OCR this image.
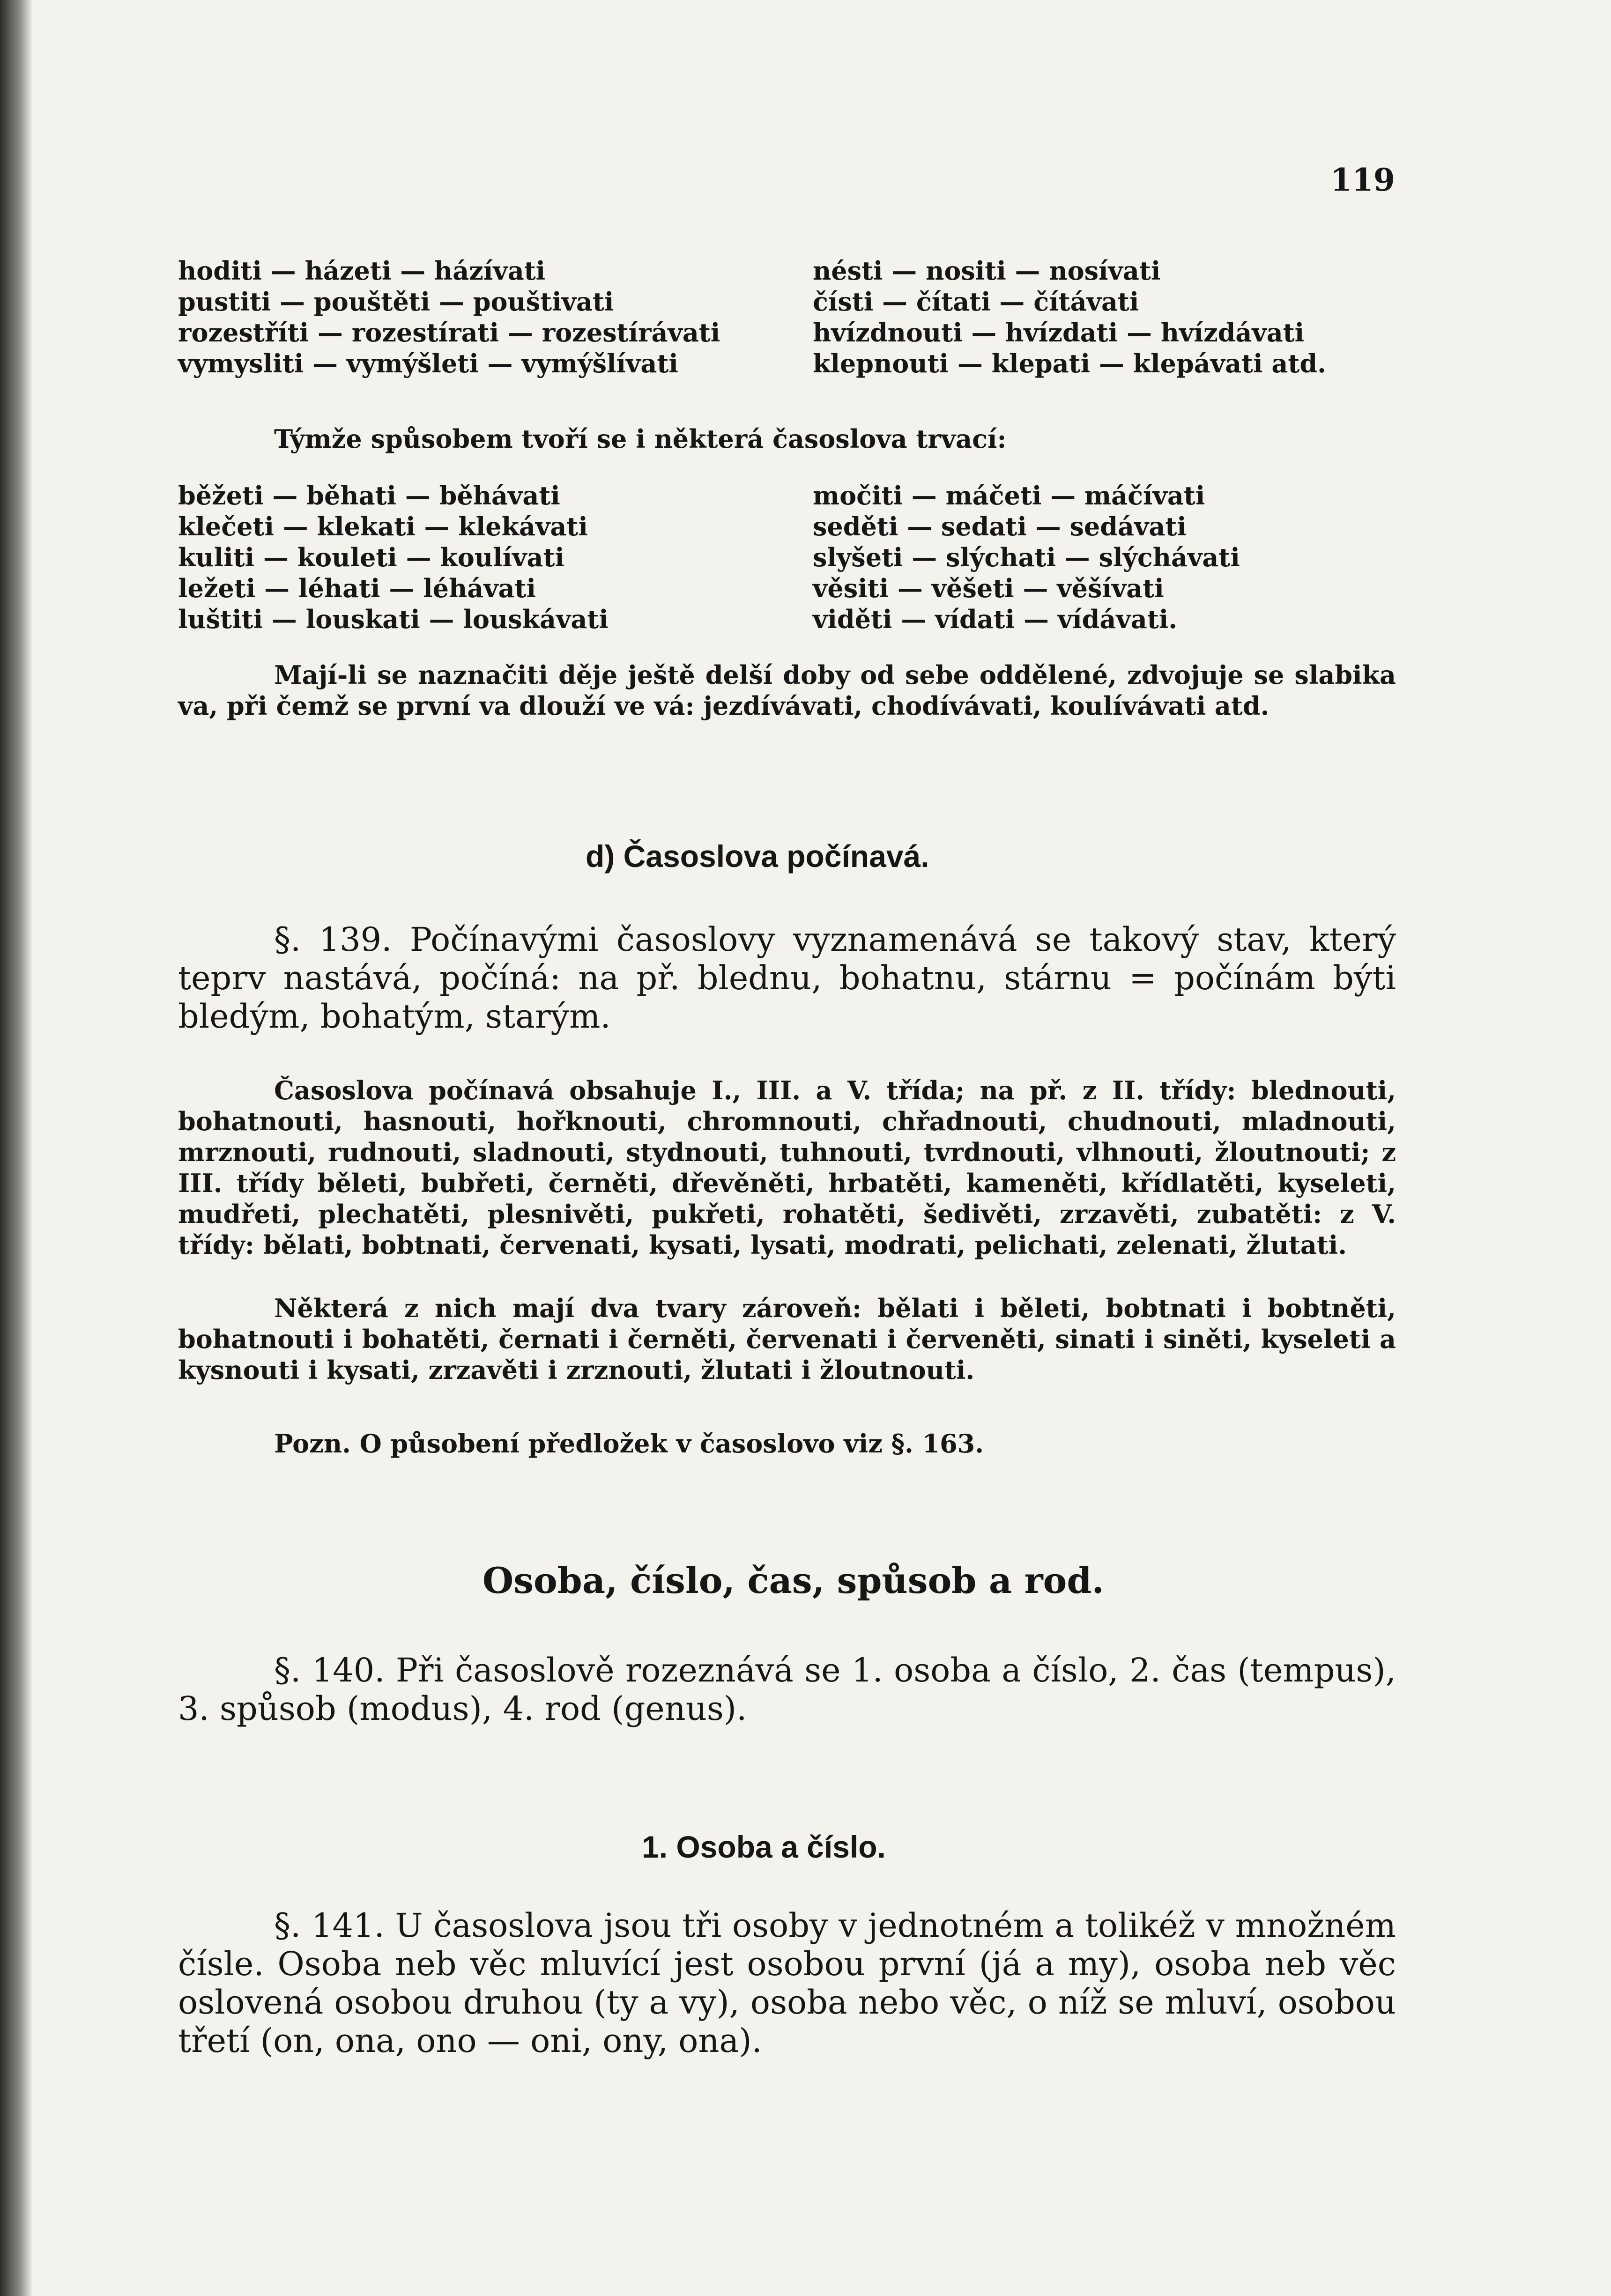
119
hoditi — házeti — házívati
pustiti — pouštěti — pouštivati
rozestříti — rozestírati — rozestírávati
vymysliti — vymýšleti — vymýšlívati
nésti — nositi — nosívati
čísti — čítati — čítávati
hvízdnouti — hvízdati — hvízdávati
klepnouti — klepati — klepávati atd.
Týmže spůsobem tvoří se i některá časoslova trvací:
běžeti — běhati — běhávati
klečeti — klekati — klekávati
kuliti — kouleti — koulívati
ležeti — léhati — léhávati
luštiti — louskati — louskávati
močiti — máčeti — máčívati
seděti — sedati — sedávati
slyšeti — slýchati — slýchávati
věsiti — věšeti — věšívati
viděti — vídati — vídávati.
Mají-li se naznačiti děje ještě delší doby od sebe oddělené, zdvojuje se slabika va, při čemž se první va dlouží ve vá: jezdívávati, chodívávati, koulívávati atd.
d) Časoslova počínavá.
§. 139. Počínavými časoslovy vyznamenává se takový stav, který teprv nastává, počíná: na př. blednu, bohatnu, stárnu = počínám býti bledým, bohatým, starým.
Časoslova počínavá obsahuje I., III. a V. třída; na př. z II. třídy: blednouti, bohatnouti, hasnouti, hořknouti, chromnouti, chřadnouti, chudnouti, mladnouti, mrznouti, rudnouti, sladnouti, stydnouti, tuhnouti, tvrdnouti, vlhnouti, žloutnouti; z III. třídy běleti, bubřeti, černěti, dřevěněti, hrbatěti, kameněti, křídlatěti, kyseleti, mudřeti, plechatěti, plesnivěti, pukřeti, rohatěti, šedivěti, zrzavěti, zubatěti: z V. třídy: bělati, bobtnati, červenati, kysati, lysati, modrati, pelichati, zelenati, žlutati.
Některá z nich mají dva tvary zároveň: bělati i běleti, bobtnati i bobtněti, bohatnouti i bohatěti, černati i černěti, červenati i červeněti, sinati i siněti, kyseleti a kysnouti i kysati, zrzavěti i zrznouti, žlutati i žloutnouti.
Pozn. O působení předložek v časoslovo viz §. 163.
Osoba, číslo, čas, spůsob a rod.
§. 140. Při časoslově rozeznává se 1. osoba a číslo, 2. čas (tempus), 3. spůsob (modus), 4. rod (genus).
1. Osoba a číslo.
§. 141. U časoslova jsou tři osoby v jednotném a tolikéž v množném čísle. Osoba neb věc mluvící jest osobou první (já a my), osoba neb věc oslovená osobou druhou (ty a vy), osoba nebo věc, o níž se mluví, osobou třetí (on, ona, ono — oni, ony, ona).
